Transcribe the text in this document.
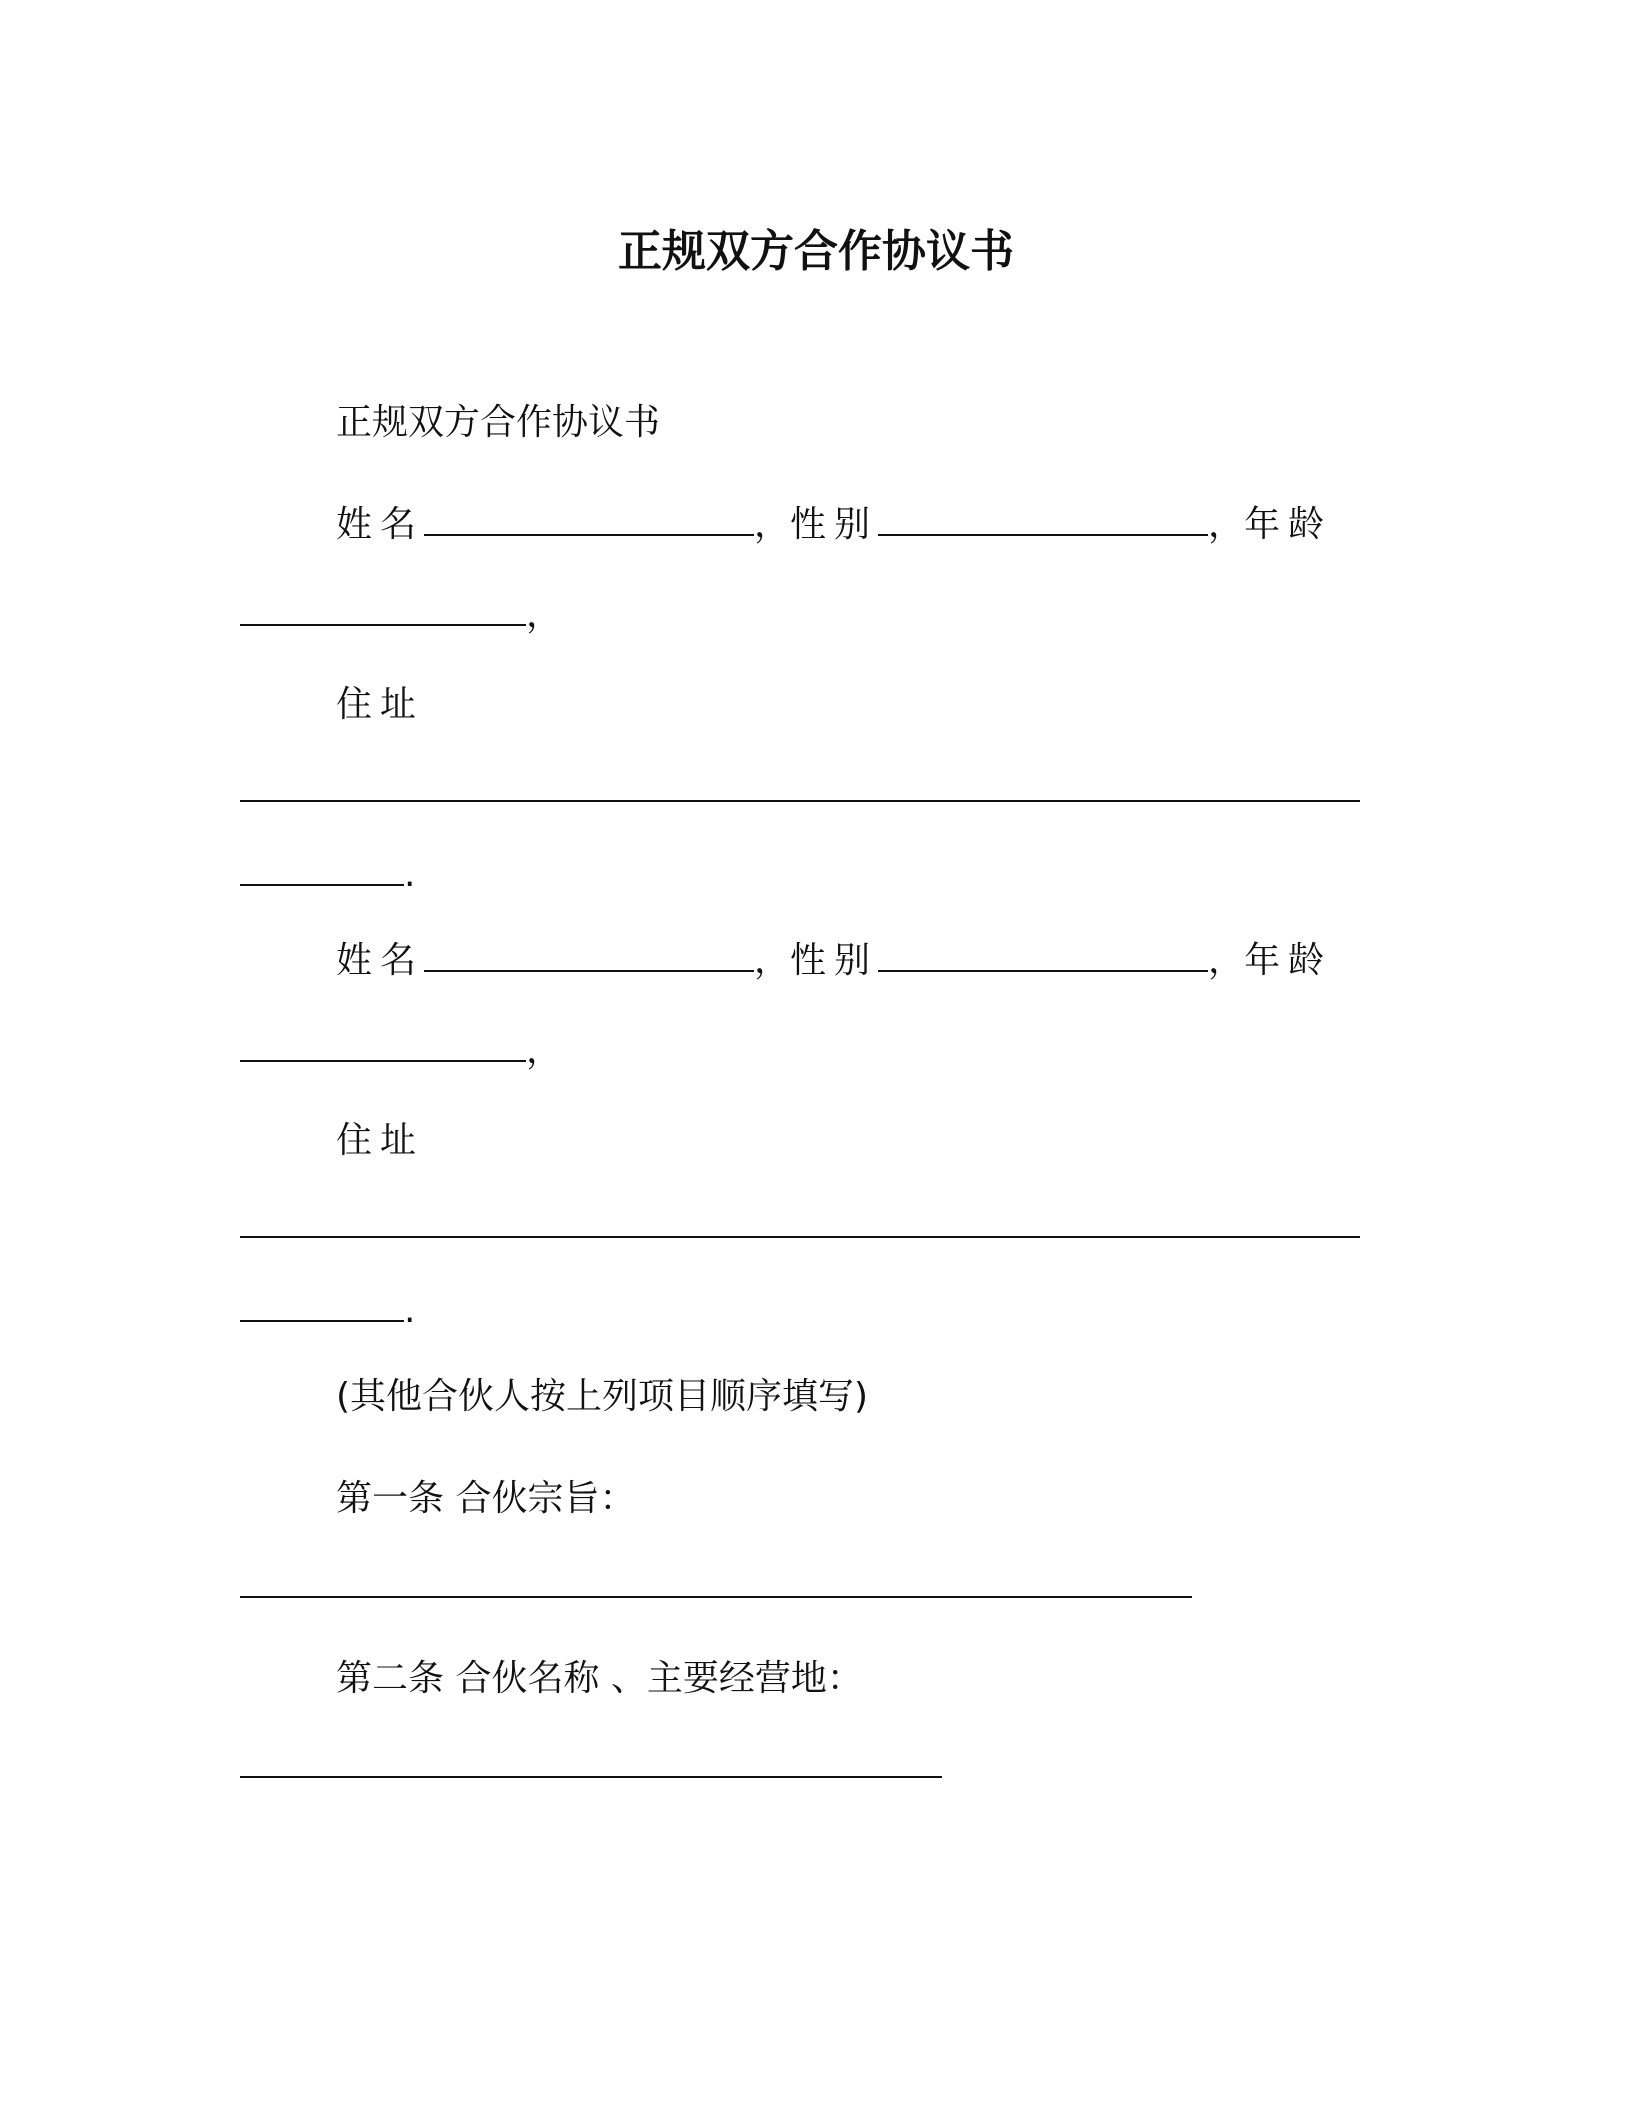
正规双方合作协议书
正规双方合作协议书
姓名	，性别	，年龄
，
住址
.
姓名	，性别	，年龄
，
住址
.
(其他合伙人按上列项目顺序填写)
第一条 合伙宗旨：
第二条 合伙名称 、主要经营地：
